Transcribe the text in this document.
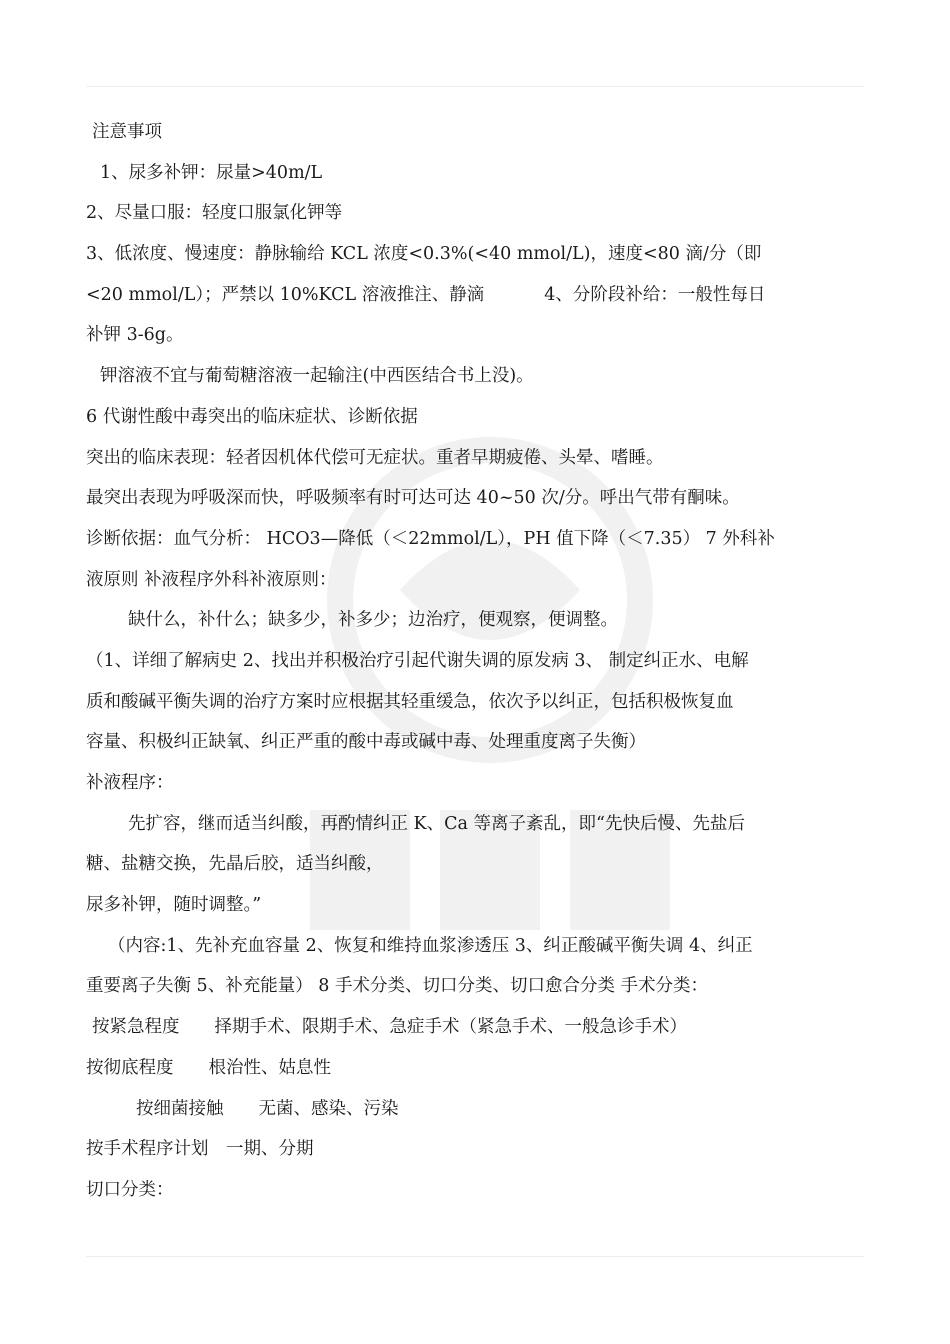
注意事项
1、尿多补钾：尿量>40m/L
2、尽量口服：轻度口服氯化钾等
3、低浓度、慢速度：静脉输给 KCL 浓度<0.3%(<40 mmol/L)，速度<80 滴/分（即
<20 mmol/L）；严禁以 10%KCL 溶液推注、静滴	4、分阶段补给：一般性每日
补钾 3-6g。
钾溶液不宜与葡萄糖溶液一起输注(中西医结合书上没)。
6 代谢性酸中毒突出的临床症状、诊断依据
突出的临床表现：轻者因机体代偿可无症状。重者早期疲倦、头晕、嗜睡。
最突出表现为呼吸深而快，呼吸频率有时可达可达 40~50 次/分。呼出气带有酮味。
诊断依据：血气分析： HCO3—降低（＜22mmol/L），PH 值下降（＜7.35） 7 外科补
液原则 补液程序外科补液原则：
缺什么，补什么；缺多少，补多少；边治疗，便观察，便调整。
（1、详细了解病史 2、找出并积极治疗引起代谢失调的原发病 3、 制定纠正水、电解
质和酸碱平衡失调的治疗方案时应根据其轻重缓急，依次予以纠正，包括积极恢复血
容量、积极纠正缺氧、纠正严重的酸中毒或碱中毒、处理重度离子失衡）
补液程序：
先扩容，继而适当纠酸，再酌情纠正 K、Ca 等离子紊乱，即“先快后慢、先盐后
糖、盐糖交换，先晶后胶，适当纠酸，
尿多补钾，随时调整。”
（内容:1、先补充血容量 2、恢复和维持血浆渗透压 3、纠正酸碱平衡失调 4、纠正
重要离子失衡 5、补充能量） 8 手术分类、切口分类、切口愈合分类 手术分类：
按紧急程度　　择期手术、限期手术、急症手术（紧急手术、一般急诊手术）
按彻底程度　　根治性、姑息性
按细菌接触　　无菌、感染、污染
按手术程序计划　一期、分期
切口分类：
